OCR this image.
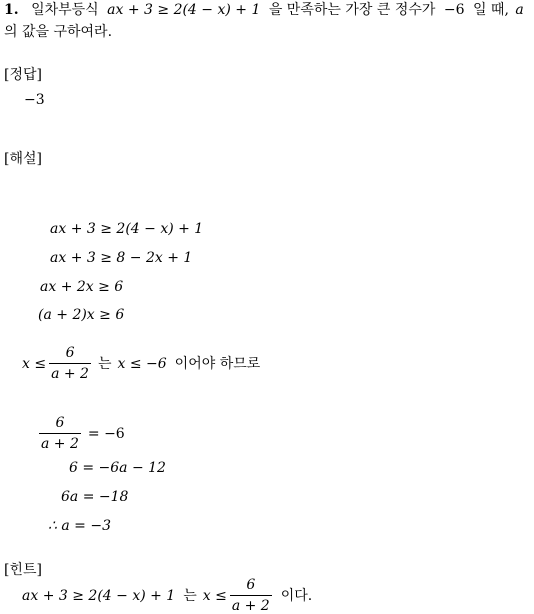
1. 일차부등식 ax + 3 ≥ 2(4 − x) + 1 을 만족하는 가장 큰 정수가 −6 일 때, a
의 값을 구하여라.
[정답]
−3
[해설]
ax + 3 ≥ 2(4 − x) + 1
ax + 3 ≥ 8 − 2x + 1
ax + 2x ≥ 6
(a + 2)x ≥ 6
$x \le \frac{6}{a + 2}$ 는 x ≤ −6 이어야 하므로
$\frac{6}{a + 2} = -6$
6 = −6a − 12
6a = −18
∴ a = −3
[힌트]
ax + 3 ≥ 2(4 − x) + 1 는 $x \le \frac{6}{a + 2}$ 이다.
